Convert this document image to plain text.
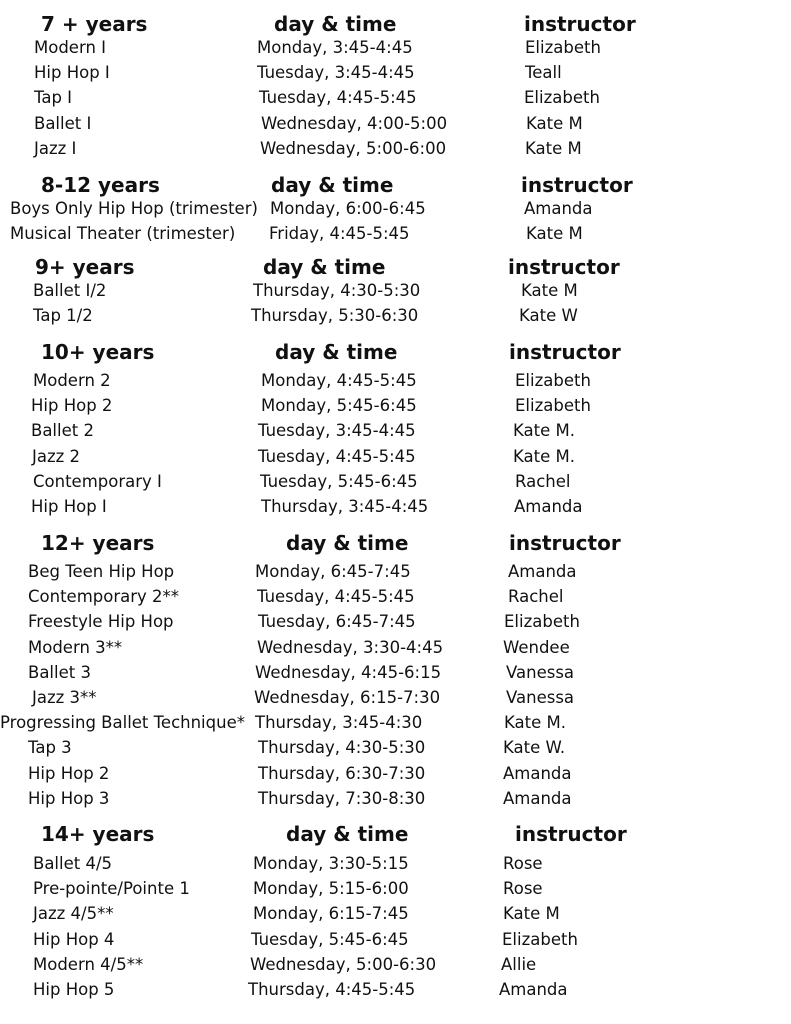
7 + years	day & time	instructor
Modern I	Monday, 3:45-4:45	Elizabeth
Hip Hop I	Tuesday, 3:45-4:45	Teall
Tap I	Tuesday, 4:45-5:45	Elizabeth
Ballet I	Wednesday, 4:00-5:00	Kate M
Jazz I	Wednesday, 5:00-6:00	Kate M
8-12 years	day & time	instructor
Boys Only Hip Hop (trimester) Monday, 6:00-6:45	Amanda
Musical Theater (trimester) Friday, 4:45-5:45	Kate M
9+ years	day & time	instructor
Ballet I/2	Thursday, 4:30-5:30	Kate M
Tap 1/2	Thursday, 5:30-6:30	Kate W
10+ years	day & time	instructor
Modern 2	Monday, 4:45-5:45	Elizabeth
Hip Hop 2	Monday, 5:45-6:45	Elizabeth
Ballet 2	Tuesday, 3:45-4:45	Kate M.
Jazz 2	Tuesday, 4:45-5:45	Kate M.
Contemporary I	Tuesday, 5:45-6:45	Rachel
Hip Hop I	Thursday, 3:45-4:45	Amanda
12+ years	day & time	instructor
Beg Teen Hip Hop	Monday, 6:45-7:45	Amanda
Contemporary 2**	Tuesday, 4:45-5:45	Rachel
Freestyle Hip Hop	Tuesday, 6:45-7:45	Elizabeth
Modern 3**	Wednesday, 3:30-4:45	Wendee
Ballet 3	Wednesday, 4:45-6:15	Vanessa
Jazz 3**	Wednesday, 6:15-7:30	Vanessa
Progressing Ballet Technique* Thursday, 3:45-4:30	Kate M.
Tap 3	Thursday, 4:30-5:30	Kate W.
Hip Hop 2	Thursday, 6:30-7:30	Amanda
Hip Hop 3	Thursday, 7:30-8:30	Amanda
14+ years	day & time	instructor
Ballet 4/5	Monday, 3:30-5:15	Rose
Pre-pointe/Pointe 1	Monday, 5:15-6:00	Rose
Jazz 4/5**	Monday, 6:15-7:45	Kate M
Hip Hop 4	Tuesday, 5:45-6:45	Elizabeth
Modern 4/5**	Wednesday, 5:00-6:30	Allie
Hip Hop 5	Thursday, 4:45-5:45	Amanda
